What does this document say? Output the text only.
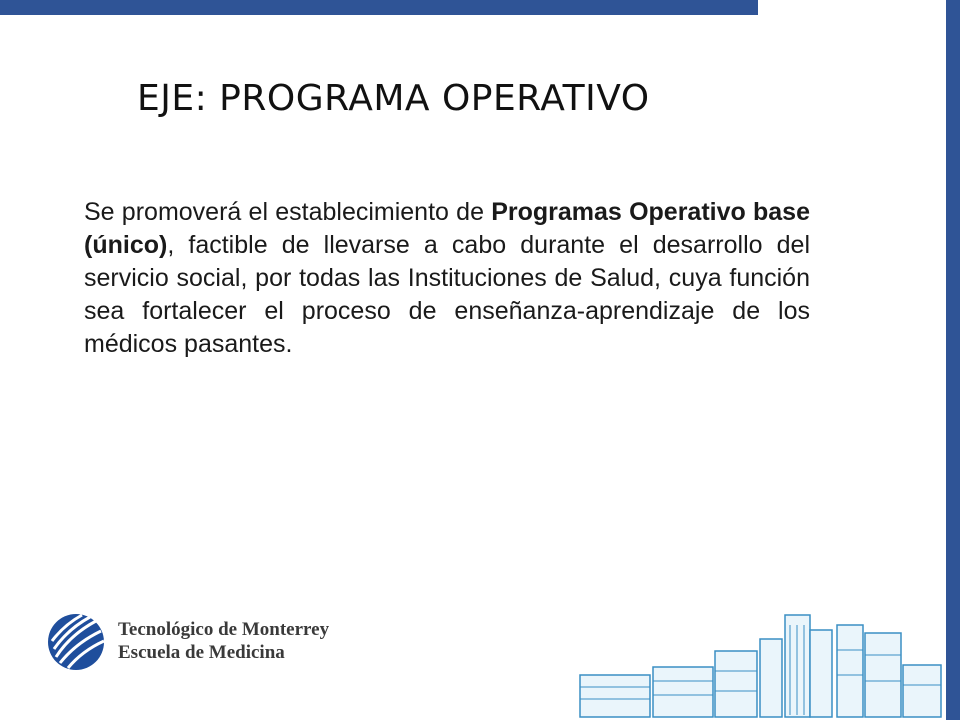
EJE: PROGRAMA OPERATIVO
Se promoverá el establecimiento de Programas Operativo base (único), factible de llevarse a cabo durante el desarrollo del servicio social, por todas las Instituciones de Salud, cuya función sea fortalecer el proceso de enseñanza-aprendizaje de los médicos pasantes.
Tecnológico de Monterrey
Escuela de Medicina
